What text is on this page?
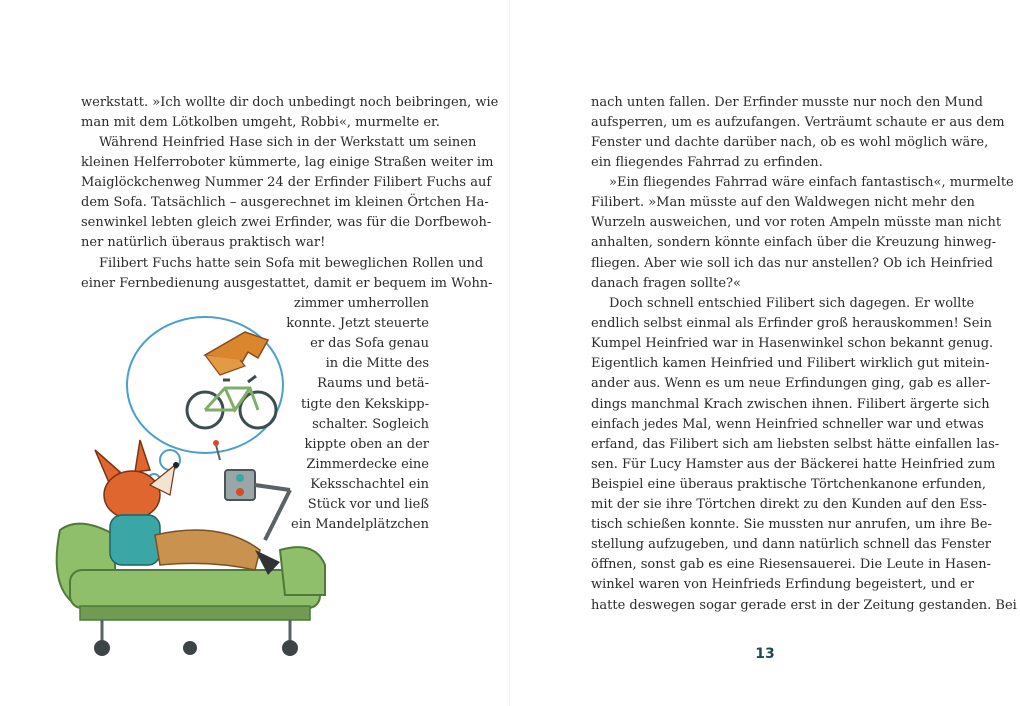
werkstatt. »Ich wollte dir doch unbedingt noch beibringen, wie
man mit dem Lötkolben umgeht, Robbi«, murmelte er.
Während Heinfried Hase sich in der Werkstatt um seinen
kleinen Helferroboter kümmerte, lag einige Straßen weiter im
Maiglöckchenweg Nummer 24 der Erfinder Filibert Fuchs auf
dem Sofa. Tatsächlich – ausgerechnet im kleinen Örtchen Ha-
senwinkel lebten gleich zwei Erfinder, was für die Dorfbewoh-
ner natürlich überaus praktisch war!
Filibert Fuchs hatte sein Sofa mit beweglichen Rollen und
einer Fernbedienung ausgestattet, damit er bequem im Wohn-
zimmer umherrollen
konnte. Jetzt steuerte
er das Sofa genau
in die Mitte des
Raums und betä-
tigte den Kekskipp-
schalter. Sogleich
kippte oben an der
Zimmerdecke eine
Keksschachtel ein
Stück vor und ließ
ein Mandelplätzchen
nach unten fallen. Der Erfinder musste nur noch den Mund
aufsperren, um es aufzufangen. Verträumt schaute er aus dem
Fenster und dachte darüber nach, ob es wohl möglich wäre,
ein fliegendes Fahrrad zu erfinden.
»Ein fliegendes Fahrrad wäre einfach fantastisch«, murmelte
Filibert. »Man müsste auf den Waldwegen nicht mehr den
Wurzeln ausweichen, und vor roten Ampeln müsste man nicht
anhalten, sondern könnte einfach über die Kreuzung hinweg-
fliegen. Aber wie soll ich das nur anstellen? Ob ich Heinfried
danach fragen sollte?«
Doch schnell entschied Filibert sich dagegen. Er wollte
endlich selbst einmal als Erfinder groß herauskommen! Sein
Kumpel Heinfried war in Hasenwinkel schon bekannt genug.
Eigentlich kamen Heinfried und Filibert wirklich gut mitein-
ander aus. Wenn es um neue Erfindungen ging, gab es aller-
dings manchmal Krach zwischen ihnen. Filibert ärgerte sich
einfach jedes Mal, wenn Heinfried schneller war und etwas
erfand, das Filibert sich am liebsten selbst hätte einfallen las-
sen. Für Lucy Hamster aus der Bäckerei hatte Heinfried zum
Beispiel eine überaus praktische Törtchenkanone erfunden,
mit der sie ihre Törtchen direkt zu den Kunden auf den Ess-
tisch schießen konnte. Sie mussten nur anrufen, um ihre Be-
stellung aufzugeben, und dann natürlich schnell das Fenster
öffnen, sonst gab es eine Riesensauerei. Die Leute in Hasen-
winkel waren von Heinfrieds Erfindung begeistert, und er
hatte deswegen sogar gerade erst in der Zeitung gestanden. Bei
13
